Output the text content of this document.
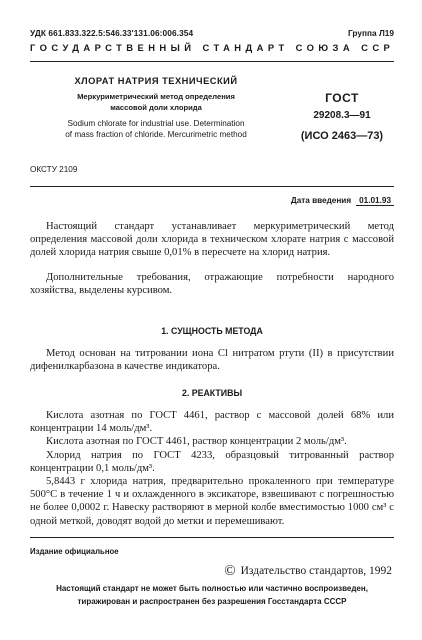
УДК 661.833.322.5:546.33'131.06:006.354	Группа Л19
ГОСУДАРСТВЕННЫЙ СТАНДАРТ СОЮЗА ССР
ХЛОРАТ НАТРИЯ ТЕХНИЧЕСКИЙ
Меркуриметрический метод определения
массовой доли хлорида
Sodium chlorate for industrial use. Determination
of mass fraction of chloride. Mercurimetric method
ГОСТ
29208.3—91
(ИСО 2463—73)
ОКСТУ 2109
Дата введения 01.01.93

Настоящий стандарт устанавливает меркуриметрический метод определения массовой доли хлорида в техническом хлорате натрия с массовой долей хлорида натрия свыше 0,01% в пересчете на хлорид натрия.

Дополнительные требования, отражающие потребности народного хозяйства, выделены курсивом.

1. СУЩНОСТЬ МЕТОДА

Метод основан на титровании иона Cl нитратом ртути (II) в присутствии дифенилкарбазона в качестве индикатора.

2. РЕАКТИВЫ

Кислота азотная по ГОСТ 4461, раствор с массовой долей 68% или концентрации 14 моль/дм³.

Кислота азотная по ГОСТ 4461, раствор концентрации 2 моль/дм³.

Хлорид натрия по ГОСТ 4233, образцовый титрованный раствор концентрации 0,1 моль/дм³.

5,8443 г хлорида натрия, предварительно прокаленного при температуре 500°С в течение 1 ч и охлажденного в эксикаторе, взвешивают с погрешностью не более 0,0002 г. Навеску растворяют в мерной колбе вместимостью 1000 см³ с одной меткой, доводят водой до метки и перемешивают.

Издание официальное
© Издательство стандартов, 1992
Настоящий стандарт не может быть полностью или частично воспроизведен,
тиражирован и распространен без разрешения Госстандарта СССР
